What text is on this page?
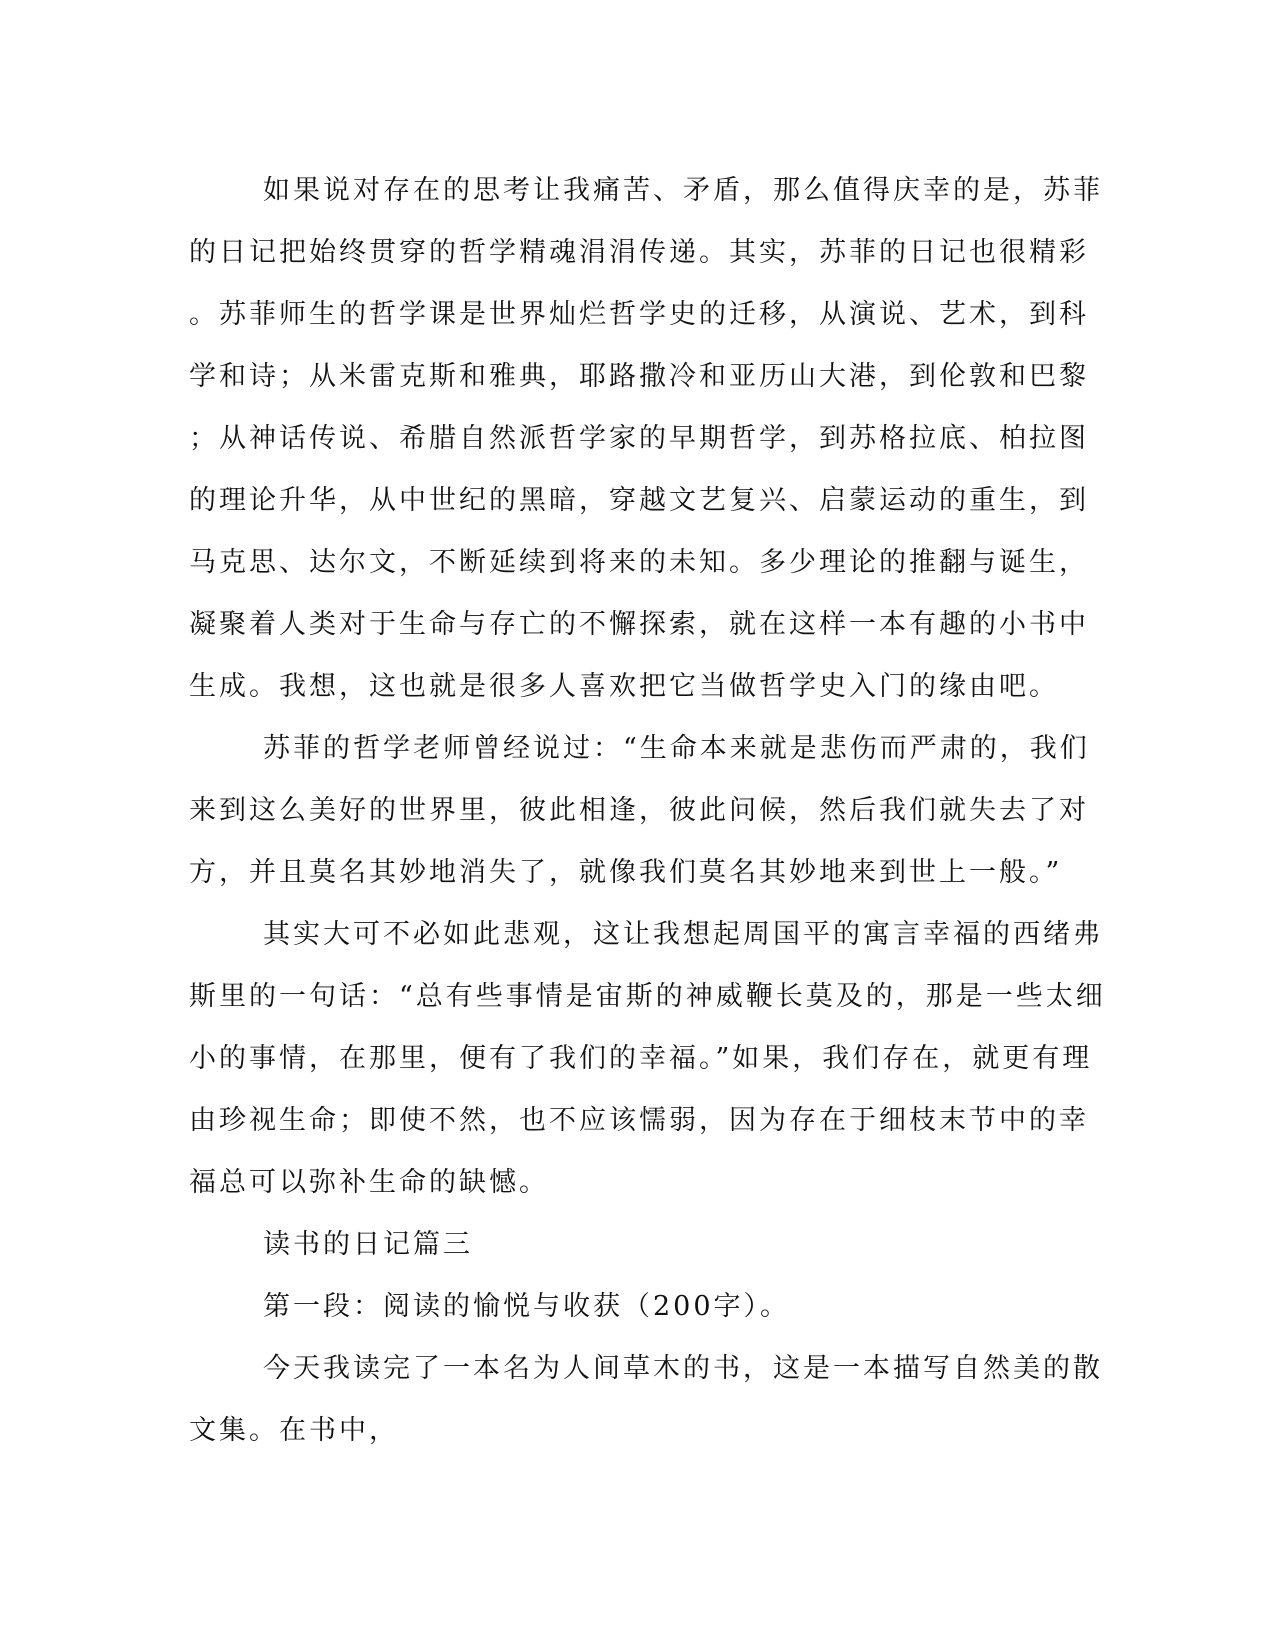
如果说对存在的思考让我痛苦、矛盾，那么值得庆幸的是，苏菲
的日记把始终贯穿的哲学精魂涓涓传递。其实，苏菲的日记也很精彩
。苏菲师生的哲学课是世界灿烂哲学史的迁移，从演说、艺术，到科
学和诗；从米雷克斯和雅典，耶路撒冷和亚历山大港，到伦敦和巴黎
；从神话传说、希腊自然派哲学家的早期哲学，到苏格拉底、柏拉图
的理论升华，从中世纪的黑暗，穿越文艺复兴、启蒙运动的重生，到
马克思、达尔文，不断延续到将来的未知。多少理论的推翻与诞生，
凝聚着人类对于生命与存亡的不懈探索，就在这样一本有趣的小书中
生成。我想，这也就是很多人喜欢把它当做哲学史入门的缘由吧。
苏菲的哲学老师曾经说过：“生命本来就是悲伤而严肃的，我们
来到这么美好的世界里，彼此相逢，彼此问候，然后我们就失去了对
方，并且莫名其妙地消失了，就像我们莫名其妙地来到世上一般。”
其实大可不必如此悲观，这让我想起周国平的寓言幸福的西绪弗
斯里的一句话：“总有些事情是宙斯的神威鞭长莫及的，那是一些太细
小的事情，在那里，便有了我们的幸福。”如果，我们存在，就更有理
由珍视生命；即使不然，也不应该懦弱，因为存在于细枝末节中的幸
福总可以弥补生命的缺憾。
读书的日记篇三
第一段：阅读的愉悦与收获（200字）。
今天我读完了一本名为人间草木的书，这是一本描写自然美的散
文集。在书中，
